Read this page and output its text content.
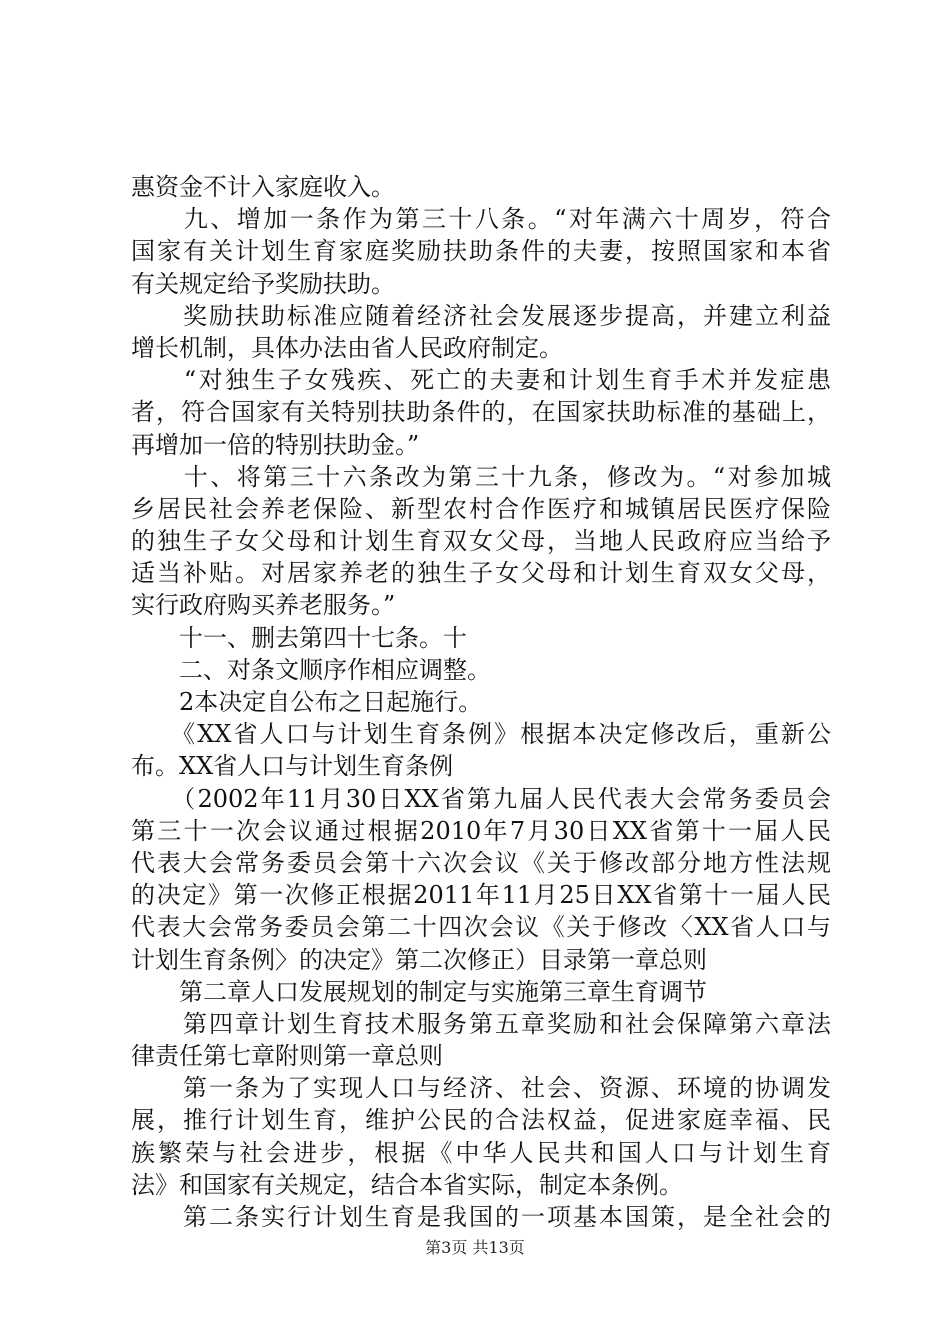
惠资金不计入家庭收入。
　　九、增加一条作为第三十八条。“对年满六十周岁，符合
国家有关计划生育家庭奖励扶助条件的夫妻，按照国家和本省
有关规定给予奖励扶助。
　　奖励扶助标准应随着经济社会发展逐步提高，并建立利益
增长机制，具体办法由省人民政府制定。
　　“对独生子女残疾、死亡的夫妻和计划生育手术并发症患
者，符合国家有关特别扶助条件的，在国家扶助标准的基础上，
再增加一倍的特别扶助金。”
　　十、将第三十六条改为第三十九条，修改为。“对参加城
乡居民社会养老保险、新型农村合作医疗和城镇居民医疗保险
的独生子女父母和计划生育双女父母，当地人民政府应当给予
适当补贴。对居家养老的独生子女父母和计划生育双女父母，
实行政府购买养老服务。”
　　十一、删去第四十七条。十
　　二、对条文顺序作相应调整。
　　2本决定自公布之日起施行。
　　《XX省人口与计划生育条例》根据本决定修改后，重新公
布。XX省人口与计划生育条例
　　（2002年11月30日XX省第九届人民代表大会常务委员会
第三十一次会议通过根据2010年7月30日XX省第十一届人民
代表大会常务委员会第十六次会议《关于修改部分地方性法规
的决定》第一次修正根据2011年11月25日XX省第十一届人民
代表大会常务委员会第二十四次会议《关于修改〈XX省人口与
计划生育条例〉的决定》第二次修正）目录第一章总则
　　第二章人口发展规划的制定与实施第三章生育调节
　　第四章计划生育技术服务第五章奖励和社会保障第六章法
律责任第七章附则第一章总则
　　第一条为了实现人口与经济、社会、资源、环境的协调发
展，推行计划生育，维护公民的合法权益，促进家庭幸福、民
族繁荣与社会进步，根据《中华人民共和国人口与计划生育
法》和国家有关规定，结合本省实际，制定本条例。
　　第二条实行计划生育是我国的一项基本国策，是全社会的
第3页 共13页
